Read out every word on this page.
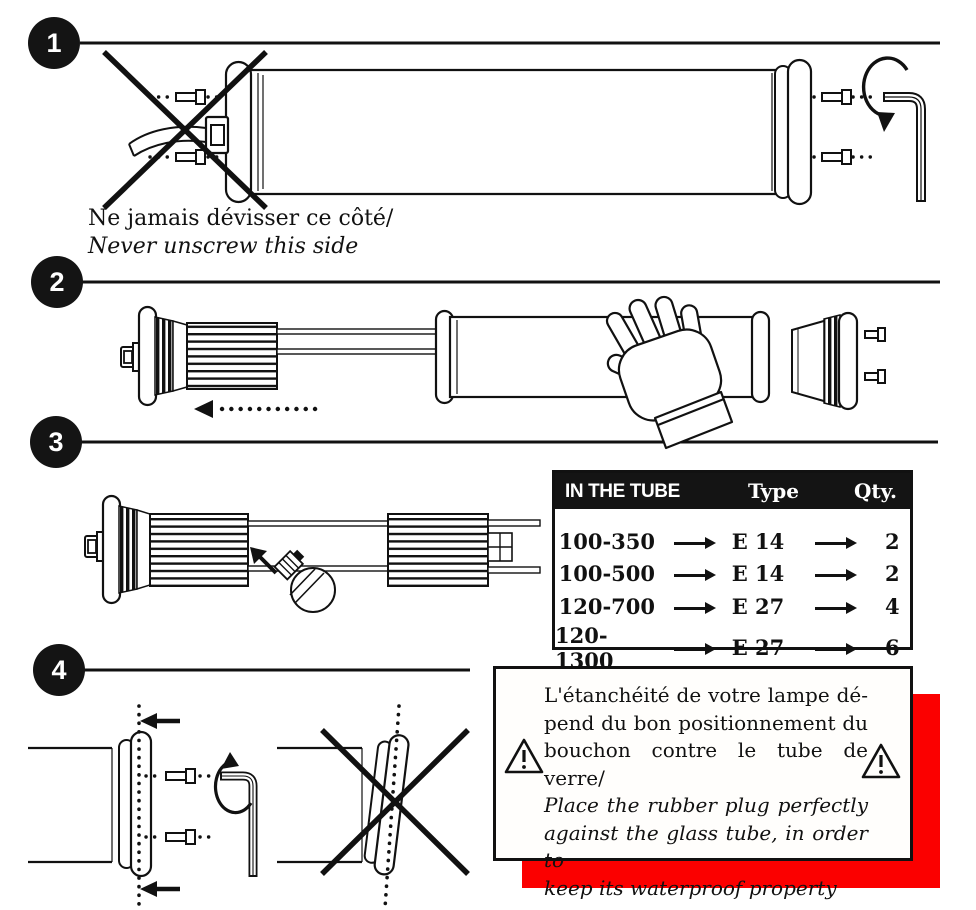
1
2
3
4
Ne jamais dévisser ce côté/
Never unscrew this side
IN THE TUBE	Type	Qty.
100-350	E 14	2
100-500	E 14	2
120-700	E 27	4
120-1300	E 27	6
L'étanchéité de votre lampe dé-
pend du bon positionnement du
bouchon contre le tube de verre/
Place the rubber plug perfectly
against the glass tube, in order to
keep its waterproof property
